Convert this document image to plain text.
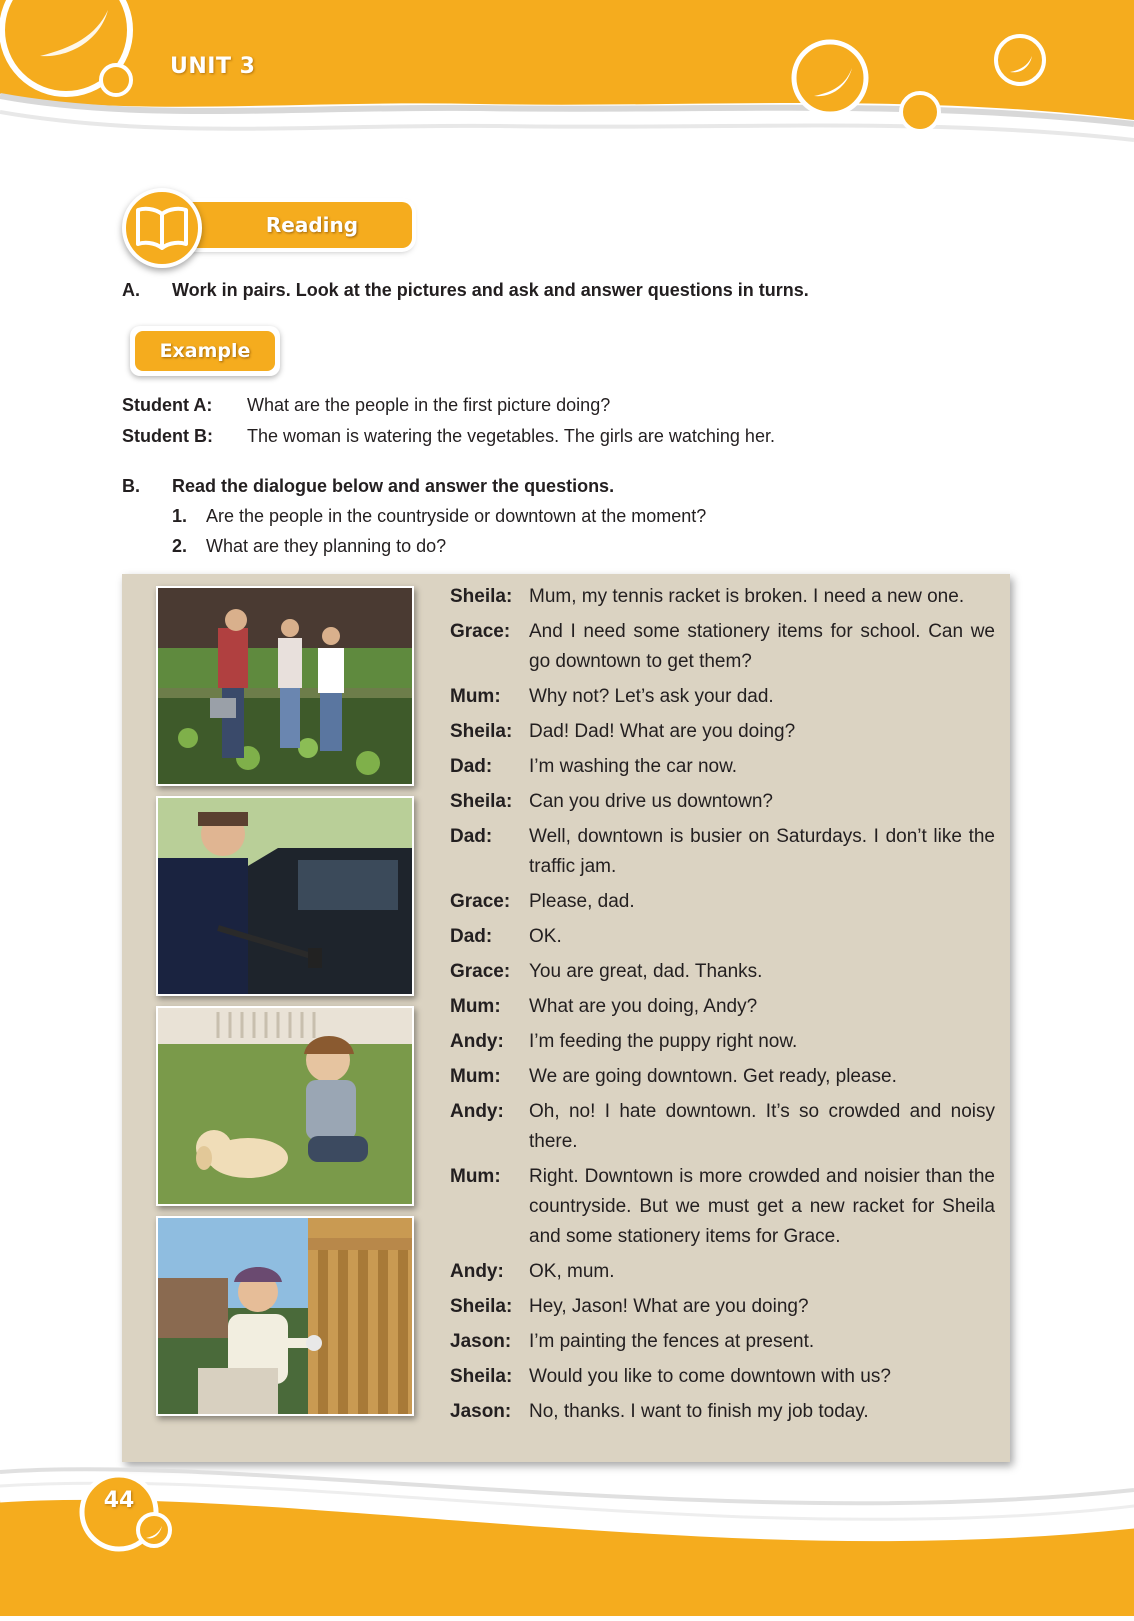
UNIT 3
Reading
A. Work in pairs. Look at the pictures and ask and answer questions in turns.
Example
Student A: What are the people in the first picture doing?
Student B: The woman is watering the vegetables. The girls are watching her.
B. Read the dialogue below and answer the questions.
1. Are the people in the countryside or downtown at the moment?
2. What are they planning to do?
Sheila: Mum, my tennis racket is broken. I need a new one.
Grace: And I need some stationery items for school. Can we go downtown to get them?
Mum:	Why not? Let’s ask your dad.
Sheila: Dad! Dad! What are you doing?
Dad:	I’m washing the car now.
Sheila: Can you drive us downtown?
Dad:	Well, downtown is busier on Saturdays. I don’t like the traffic jam.
Grace: Please, dad.
Dad:	OK.
Grace: You are great, dad. Thanks.
Mum:	What are you doing, Andy?
Andy:	I’m feeding the puppy right now.
Mum:	We are going downtown. Get ready, please.
Andy:	Oh, no! I hate downtown. It’s so crowded and noisy there.
Mum:	Right. Downtown is more crowded and noisier than the countryside. But we must get a new racket for Sheila and some stationery items for Grace.
Andy:	OK, mum.
Sheila: Hey, Jason! What are you doing?
Jason: I’m painting the fences at present.
Sheila: Would you like to come downtown with us?
Jason: No, thanks. I want to finish my job today.
44
